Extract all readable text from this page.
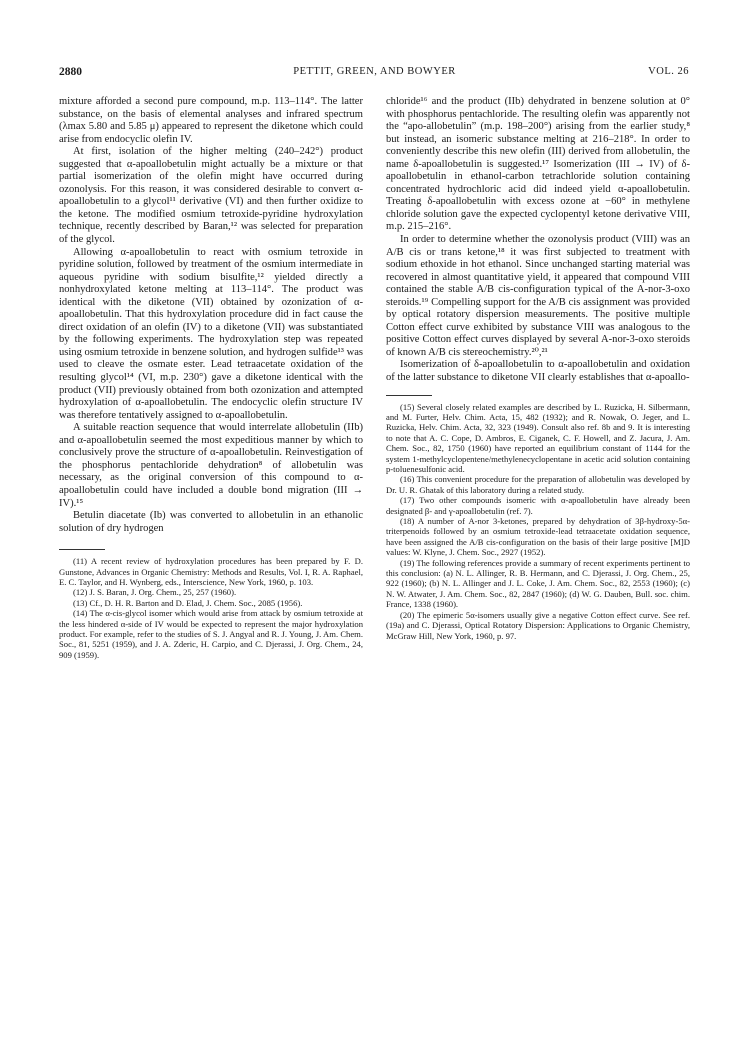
2880	PETTIT, GREEN, AND BOWYER	VOL. 26

mixture afforded a second pure compound, m.p. 113–114°. The latter substance, on the basis of elemental analyses and infrared spectrum (λmax 5.80 and 5.85 μ) appeared to represent the diketone which could arise from endocyclic olefin IV.

At first, isolation of the higher melting (240–242°) product suggested that α-apoallobetulin might actually be a mixture or that partial isomerization of the olefin might have occurred during ozonolysis. For this reason, it was considered desirable to convert α-apoallobetulin to a glycol¹¹ derivative (VI) and then further oxidize to the ketone. The modified osmium tetroxide-pyridine hydroxylation technique, recently described by Baran,¹² was selected for preparation of the glycol.

Allowing α-apoallobetulin to react with osmium tetroxide in pyridine solution, followed by treatment of the osmium intermediate in aqueous pyridine with sodium bisulfite,¹² yielded directly a nonhydroxylated ketone melting at 113–114°. The product was identical with the diketone (VII) obtained by ozonization of α-apoallobetulin. That this hydroxylation procedure did in fact cause the direct oxidation of an olefin (IV) to a diketone (VII) was substantiated by the following experiments. The hydroxylation step was repeated using osmium tetroxide in benzene solution, and hydrogen sulfide¹³ was used to cleave the osmate ester. Lead tetraacetate oxidation of the resulting glycol¹⁴ (VI, m.p. 230°) gave a diketone identical with the product (VII) previously obtained from both ozonization and attempted hydroxylation of α-apoallobetulin. The endocyclic olefin structure IV was therefore tentatively assigned to α-apoallobetulin.

A suitable reaction sequence that would interrelate allobetulin (IIb) and α-apoallobetulin seemed the most expeditious manner by which to conclusively prove the structure of α-apoallobetulin. Reinvestigation of the phosphorus pentachloride dehydration⁸ of allobetulin was necessary, as the original conversion of this compound to α-apoallobetulin could have included a double bond migration (III → IV).¹⁵

Betulin diacetate (Ib) was converted to allobetulin in an ethanolic solution of dry hydrogen

(11) A recent review of hydroxylation procedures has been prepared by F. D. Gunstone, Advances in Organic Chemistry: Methods and Results, Vol. I, R. A. Raphael, E. C. Taylor, and H. Wynberg, eds., Interscience, New York, 1960, p. 103.

(12) J. S. Baran, J. Org. Chem., 25, 257 (1960).

(13) Cf., D. H. R. Barton and D. Elad, J. Chem. Soc., 2085 (1956).

(14) The α-cis-glycol isomer which would arise from attack by osmium tetroxide at the less hindered α-side of IV would be expected to represent the major hydroxylation product. For example, refer to the studies of S. J. Angyal and R. J. Young, J. Am. Chem. Soc., 81, 5251 (1959), and J. A. Zderic, H. Carpio, and C. Djerassi, J. Org. Chem., 24, 909 (1959).

chloride¹⁶ and the product (IIb) dehydrated in benzene solution at 0° with phosphorus pentachloride. The resulting olefin was apparently not the “apo-allobetulin” (m.p. 198–200°) arising from the earlier study,⁸ but instead, an isomeric substance melting at 216–218°. In order to conveniently describe this new olefin (III) derived from allobetulin, the name δ-apoallobetulin is suggested.¹⁷ Isomerization (III → IV) of δ-apoallobetulin in ethanol-carbon tetrachloride solution containing concentrated hydrochloric acid did indeed yield α-apoallobetulin. Treating δ-apoallobetulin with excess ozone at −60° in methylene chloride solution gave the expected cyclopentyl ketone derivative VIII, m.p. 215–216°.

In order to determine whether the ozonolysis product (VIII) was an A/B cis or trans ketone,¹⁸ it was first subjected to treatment with sodium ethoxide in hot ethanol. Since unchanged starting material was recovered in almost quantitative yield, it appeared that compound VIII contained the stable A/B cis-configuration typical of the A-nor-3-oxo steroids.¹⁹ Compelling support for the A/B cis assignment was provided by optical rotatory dispersion measurements. The positive multiple Cotton effect curve exhibited by substance VIII was analogous to the positive Cotton effect curves displayed by several A-nor-3-oxo steroids of known A/B cis stereochemistry.²⁰,²¹

Isomerization of δ-apoallobetulin to α-apoallobetulin and oxidation of the latter substance to diketone VII clearly establishes that α-apoallo-

(15) Several closely related examples are described by L. Ruzicka, H. Silbermann, and M. Furter, Helv. Chim. Acta, 15, 482 (1932); and R. Nowak, O. Jeger, and L. Ruzicka, Helv. Chim. Acta, 32, 323 (1949). Consult also ref. 8b and 9. It is interesting to note that A. C. Cope, D. Ambros, E. Ciganek, C. F. Howell, and Z. Jacura, J. Am. Chem. Soc., 82, 1750 (1960) have reported an equilibrium constant of 1144 for the system 1-methylcyclopentene/methylenecyclopentane in acetic acid solution containing p-toluenesulfonic acid.

(16) This convenient procedure for the preparation of allobetulin was developed by Dr. U. R. Ghatak of this laboratory during a related study.

(17) Two other compounds isomeric with α-apoallobetulin have already been designated β- and γ-apoallobetulin (ref. 7).

(18) A number of A-nor 3-ketones, prepared by dehydration of 3β-hydroxy-5α-triterpenoids followed by an osmium tetroxide-lead tetraacetate oxidation sequence, have been assigned the A/B cis-configuration on the basis of their large positive [M]D values: W. Klyne, J. Chem. Soc., 2927 (1952).

(19) The following references provide a summary of recent experiments pertinent to this conclusion: (a) N. L. Allinger, R. B. Hermann, and C. Djerassi, J. Org. Chem., 25, 922 (1960); (b) N. L. Allinger and J. L. Coke, J. Am. Chem. Soc., 82, 2553 (1960); (c) N. W. Atwater, J. Am. Chem. Soc., 82, 2847 (1960); (d) W. G. Dauben, Bull. soc. chim. France, 1338 (1960).

(20) The epimeric 5α-isomers usually give a negative Cotton effect curve. See ref. (19a) and C. Djerassi, Optical Rotatory Dispersion: Applications to Organic Chemistry, McGraw Hill, New York, 1960, p. 97.
